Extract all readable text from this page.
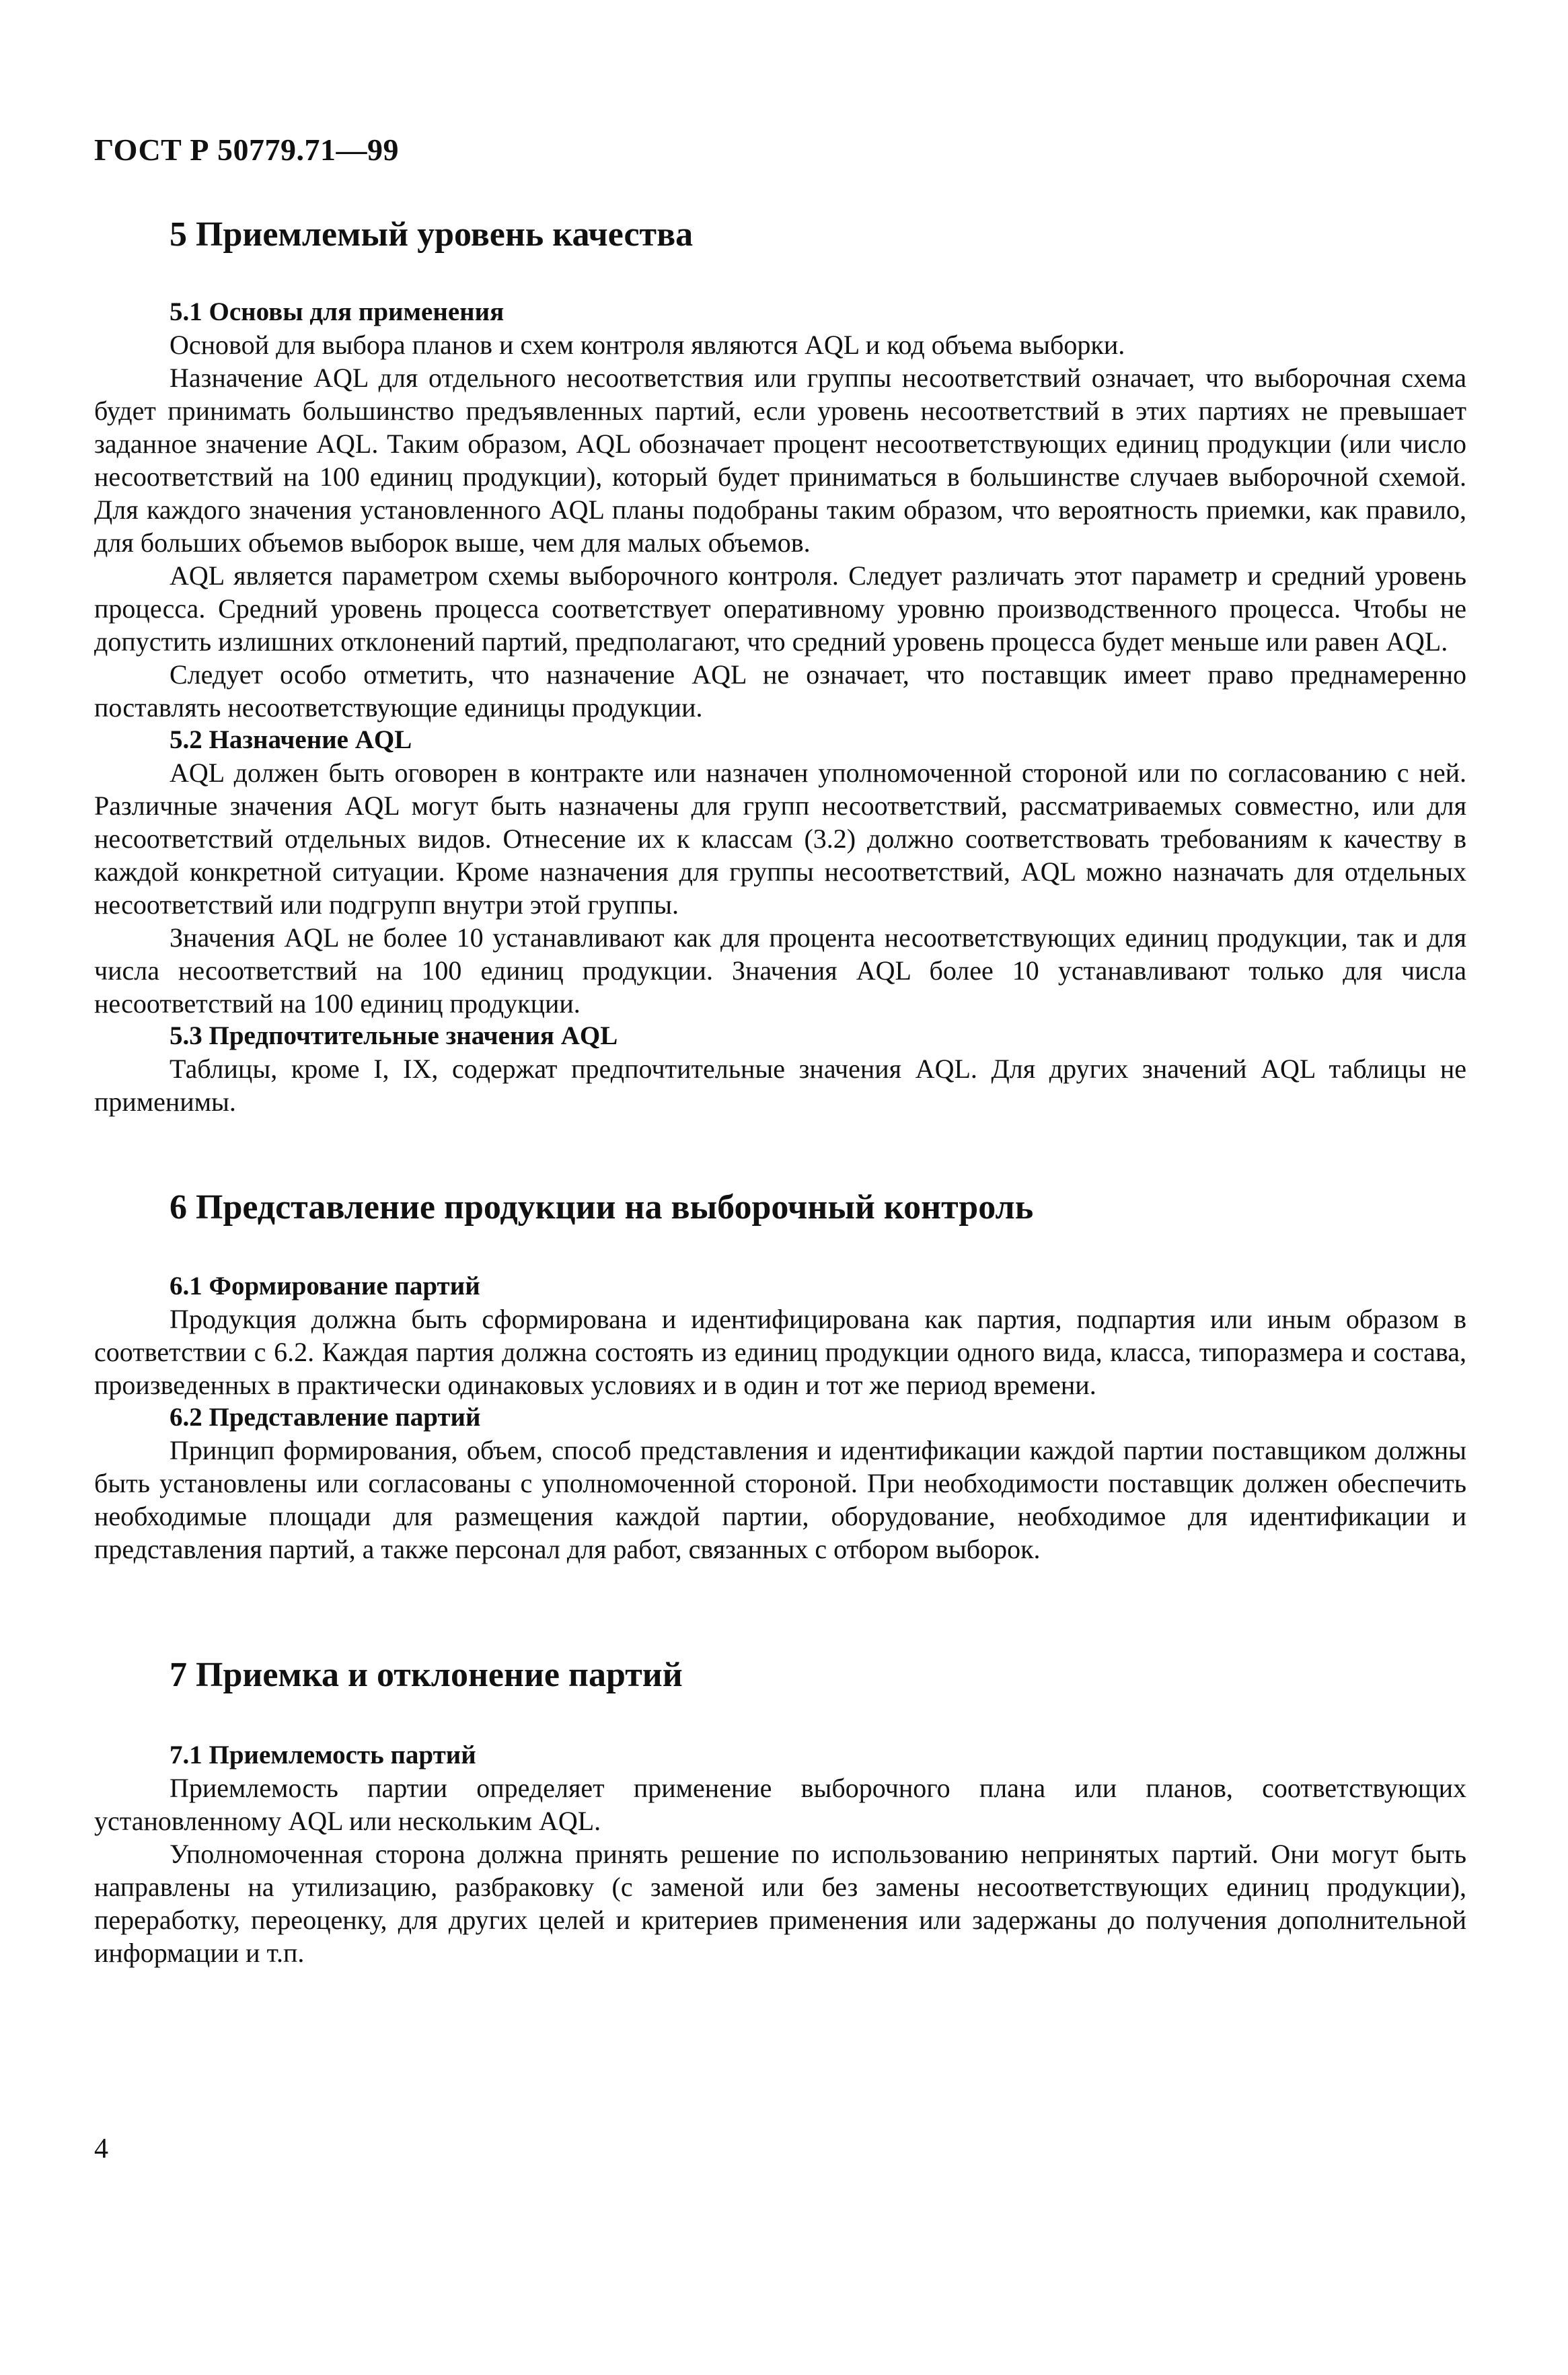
ГОСТ Р 50779.71—99
5 Приемлемый уровень качества
5.1 Основы для применения

Основой для выбора планов и схем контроля являются AQL и код объема выборки.

Назначение AQL для отдельного несоответствия или группы несоответствий означает, что выборочная схема будет принимать большинство предъявленных партий, если уровень несоответствий в этих партиях не превышает заданное значение AQL. Таким образом, AQL обозначает процент несоответствующих единиц продукции (или число несоответствий на 100 единиц продукции), который будет приниматься в большинстве случаев выборочной схемой. Для каждого значения установленного AQL планы подобраны таким образом, что вероятность приемки, как правило, для больших объемов выборок выше, чем для малых объемов.

AQL является параметром схемы выборочного контроля. Следует различать этот параметр и средний уровень процесса. Средний уровень процесса соответствует оперативному уровню производственного процесса. Чтобы не допустить излишних отклонений партий, предполагают, что средний уровень процесса будет меньше или равен AQL.

Следует особо отметить, что назначение AQL не означает, что поставщик имеет право преднамеренно поставлять несоответствующие единицы продукции.

5.2 Назначение AQL

AQL должен быть оговорен в контракте или назначен уполномоченной стороной или по согласованию с ней. Различные значения AQL могут быть назначены для групп несоответствий, рассматриваемых совместно, или для несоответствий отдельных видов. Отнесение их к классам (3.2) должно соответствовать требованиям к качеству в каждой конкретной ситуации. Кроме назначения для группы несоответствий, AQL можно назначать для отдельных несоответствий или подгрупп внутри этой группы.

Значения AQL не более 10 устанавливают как для процента несоответствующих единиц продукции, так и для числа несоответствий на 100 единиц продукции. Значения AQL более 10 устанавливают только для числа несоответствий на 100 единиц продукции.

5.3 Предпочтительные значения AQL

Таблицы, кроме I, IX, содержат предпочтительные значения AQL. Для других значений AQL таблицы не применимы.

6 Представление продукции на выборочный контроль
6.1 Формирование партий

Продукция должна быть сформирована и идентифицирована как партия, подпартия или иным образом в соответствии с 6.2. Каждая партия должна состоять из единиц продукции одного вида, класса, типоразмера и состава, произведенных в практически одинаковых условиях и в один и тот же период времени.

6.2 Представление партий

Принцип формирования, объем, способ представления и идентификации каждой партии поставщиком должны быть установлены или согласованы с уполномоченной стороной. При необходимости поставщик должен обеспечить необходимые площади для размещения каждой партии, оборудование, необходимое для идентификации и представления партий, а также персонал для работ, связанных с отбором выборок.

7 Приемка и отклонение партий
7.1 Приемлемость партий

Приемлемость партии определяет применение выборочного плана или планов, соответствующих установленному AQL или нескольким AQL.

Уполномоченная сторона должна принять решение по использованию непринятых партий. Они могут быть направлены на утилизацию, разбраковку (с заменой или без замены несоответствующих единиц продукции), переработку, переоценку, для других целей и критериев применения или задержаны до получения дополнительной информации и т.п.

4
